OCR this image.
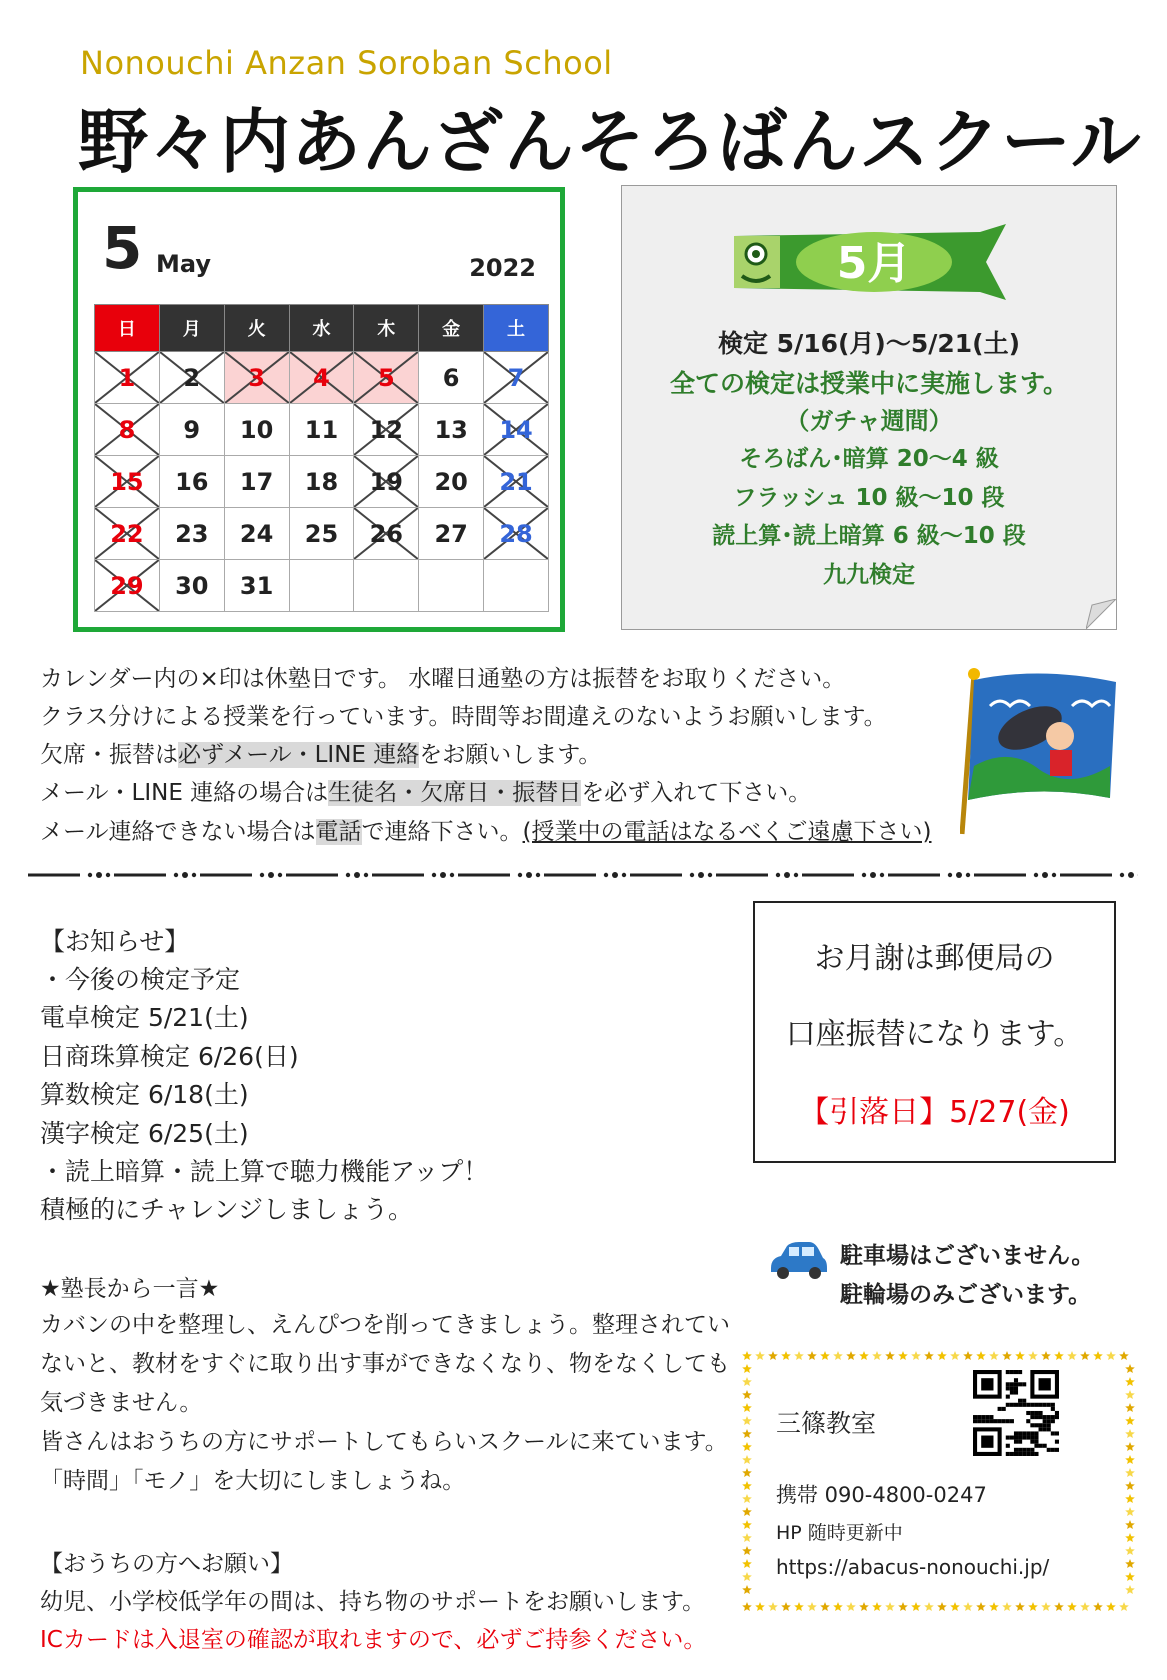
Nonouchi Anzan Soroban School
野々内あんざんそろばんスクール
5 May	2022
日	月	火	水	木	金	土

1	2	3	4	5	6	7

8	9	10	11	12	13	14

15	16	17	18	19	20	21

22	23	24	25	26	27	28

29	30	31				
5月
検定 5/16(月)～5/21(土)
全ての検定は授業中に実施します。
（ガチャ週間）
そろばん･暗算 20～4 級
フラッシュ 10 級～10 段
読上算･読上暗算 6 級～10 段
九九検定
カレンダー内の×印は休塾日です。 水曜日通塾の方は振替をお取りください。
クラス分けによる授業を行っています。時間等お間違えのないようお願いします。
欠席・振替は必ずメール・LINE 連絡をお願いします。
メール・LINE 連絡の場合は生徒名・欠席日・振替日を必ず入れて下さい。
メール連絡できない場合は電話で連絡下さい。(授業中の電話はなるべくご遠慮下さい)
【お知らせ】
・今後の検定予定
電卓検定 5/21(土)
日商珠算検定 6/26(日)
算数検定 6/18(土)
漢字検定 6/25(土)
・読上暗算・読上算で聴力機能アップ！
積極的にチャレンジしましょう。
★塾長から一言★
カバンの中を整理し、えんぴつを削ってきましょう。整理されていないと、教材をすぐに取り出す事ができなくなり、物をなくしても気づきません。
皆さんはおうちの方にサポートしてもらいスクールに来ています。「時間」「モノ」を大切にしましょうね。
【おうちの方へお願い】
幼児、小学校低学年の間は、持ち物のサポートをお願いします。
ICカードは入退室の確認が取れますので、必ずご持参ください。
お月謝は郵便局の
口座振替になります。
【引落日】5/27(金)
駐車場はございません。
駐輪場のみございます。
三篠教室
携帯 090-4800-0247
HP 随時更新中
https://abacus-nonouchi.jp/
